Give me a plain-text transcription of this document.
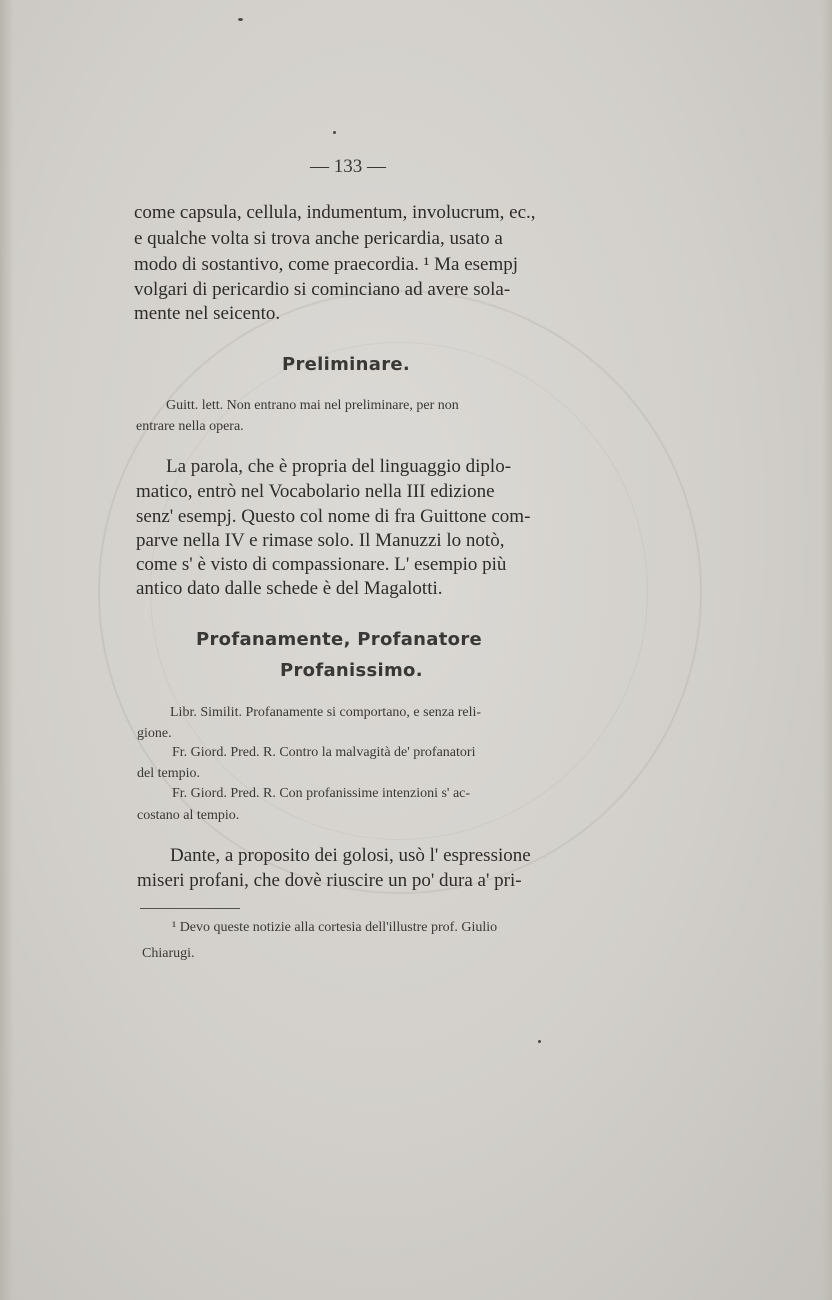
— 133 —
come capsula, cellula, indumentum, involucrum, ec.,
e qualche volta si trova anche pericardia, usato a
modo di sostantivo, come praecordia. ¹ Ma esempj
volgari di pericardio si cominciano ad avere sola-
mente nel seicento.
Preliminare.
Guitt. lett. Non entrano mai nel preliminare, per non
entrare nella opera.
La parola, che è propria del linguaggio diplo-
matico, entrò nel Vocabolario nella III edizione
senz' esempj. Questo col nome di fra Guittone com-
parve nella IV e rimase solo. Il Manuzzi lo notò,
come s' è visto di compassionare. L' esempio più
antico dato dalle schede è del Magalotti.
Profanamente, Profanatore
Profanissimo.
Libr. Similit. Profanamente si comportano, e senza reli-
gione.
Fr. Giord. Pred. R. Contro la malvagità de' profanatori
del tempio.
Fr. Giord. Pred. R. Con profanissime intenzioni s' ac-
costano al tempio.
Dante, a proposito dei golosi, usò l' espressione
miseri profani, che dovè riuscire un po' dura a' pri-
¹ Devo queste notizie alla cortesia dell'illustre prof. Giulio
Chiarugi.
